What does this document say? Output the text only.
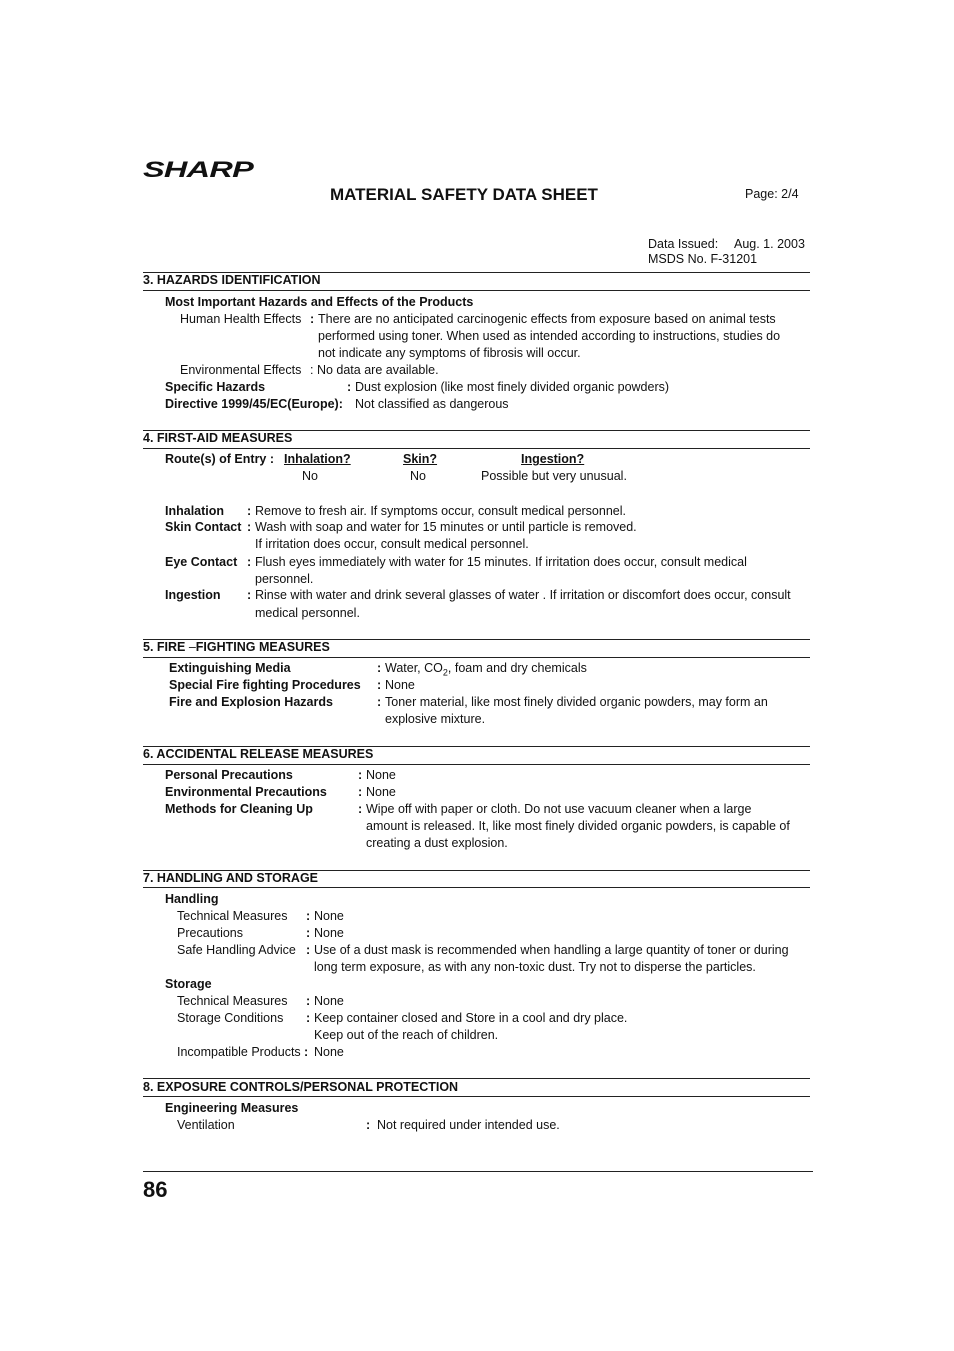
SHARP
MATERIAL SAFETY DATA SHEET	Page: 2/4
Data Issued: Aug. 1. 2003
MSDS No. F-31201
3. HAZARDS IDENTIFICATION
Most Important Hazards and Effects of the Products
Human Health Effects : There are no anticipated carcinogenic effects from exposure based on animal tests
performed using toner. When used as intended according to instructions, studies do
not indicate any symptoms of fibrosis will occur.
Environmental Effects : No data are available.
Specific Hazards	: Dust explosion (like most finely divided organic powders)
Directive 1999/45/EC(Europe): Not classified as dangerous
4. FIRST-AID MEASURES
Route(s) of Entry : Inhalation?	Skin?	Ingestion?
No	No	Possible but very unusual.
Inhalation : Remove to fresh air. If symptoms occur, consult medical personnel.
Skin Contact : Wash with soap and water for 15 minutes or until particle is removed.
If irritation does occur, consult medical personnel.
Eye Contact : Flush eyes immediately with water for 15 minutes. If irritation does occur, consult medical
personnel.
Ingestion : Rinse with water and drink several glasses of water . If irritation or discomfort does occur, consult
medical personnel.
5. FIRE –FIGHTING MEASURES
Extinguishing Media	: Water, $CO_2$, foam and dry chemicals
Special Fire fighting Procedures : None
Fire and Explosion Hazards	: Toner material, like most finely divided organic powders, may form an
explosive mixture.
6. ACCIDENTAL RELEASE MEASURES
Personal Precautions	: None
Environmental Precautions : None
Methods for Cleaning Up	: Wipe off with paper or cloth. Do not use vacuum cleaner when a large
amount is released. It, like most finely divided organic powders, is capable of
creating a dust explosion.
7. HANDLING AND STORAGE
Handling
Technical Measures : None
Precautions	: None
Safe Handling Advice : Use of a dust mask is recommended when handling a large quantity of toner or during
long term exposure, as with any non-toxic dust. Try not to disperse the particles.
Storage
Technical Measures : None
Storage Conditions : Keep container closed and Store in a cool and dry place.
Keep out of the reach of children.
Incompatible Products : None
8. EXPOSURE CONTROLS/PERSONAL PROTECTION
Engineering Measures
Ventilation	: Not required under intended use.
86
